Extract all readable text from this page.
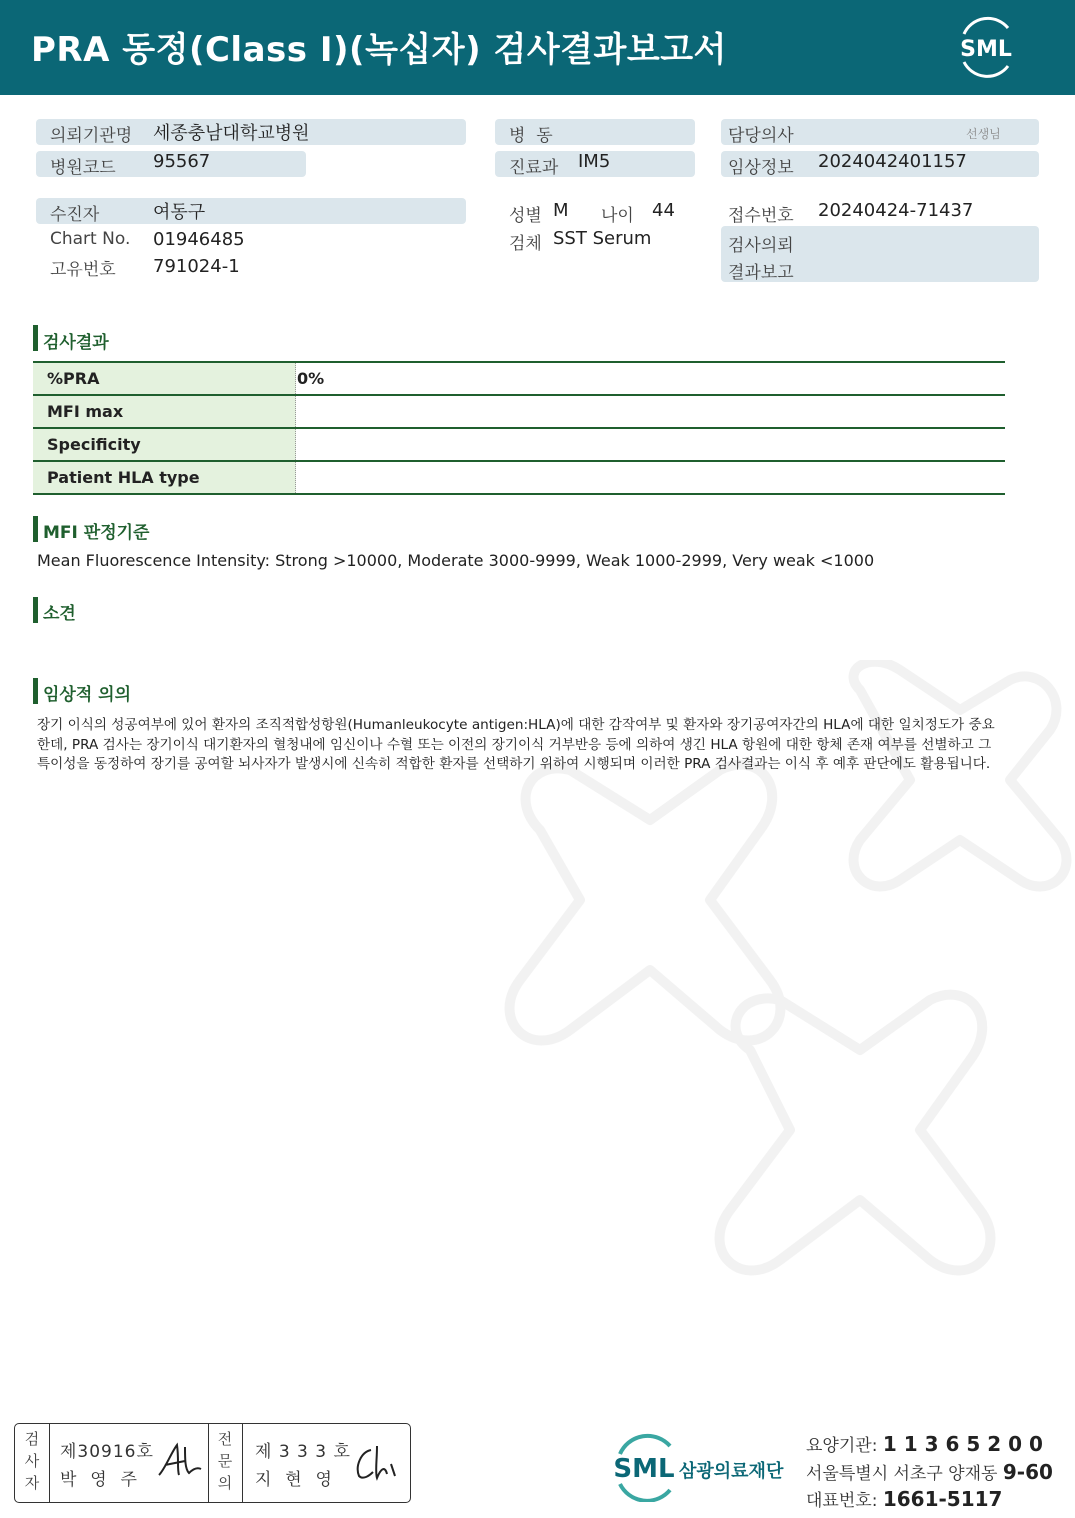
PRA 동정(Class I)(녹십자) 검사결과보고서	SML
의뢰기관명 세종충남대학교병원
병원코드 95567
병  동
진료과 IM5
담당의사	선생님
임상정보 2024042401157
수진자	여동구
Chart No. 01946485
고유번호 791024-1
성별 M 나이 44
검체 SST Serum
접수번호 20240424-71437
검사의뢰
결과보고
검사결과
%PRA	0%
MFI max
Specificity
Patient HLA type
MFI 판정기준
Mean Fluorescence Intensity: Strong >10000, Moderate 3000-9999, Weak 1000-2999, Very weak <1000
소견
임상적 의의
장기 이식의 성공여부에 있어 환자의 조직적합성항원(Humanleukocyte antigen:HLA)에 대한 감작여부 및 환자와 장기공여자간의 HLA에 대한 일치정도가 중요한데, PRA 검사는 장기이식 대기환자의 혈청내에 임신이나 수혈 또는 이전의 장기이식 거부반응 등에 의하여 생긴 HLA 항원에 대한 항체 존재 여부를 선별하고 그 특이성을 동정하여 장기를 공여할 뇌사자가 발생시에 신속히 적합한 환자를 선택하기 위하여 시행되며 이러한 PRA 검사결과는 이식 후 예후 판단에도 활용됩니다.
검
사
자
제30916호
박  영  주
전
문
의
제 3 3 3 호
지  현  영	SML 삼광의료재단
요양기관: 1 1 3 6 5 2 0 0
서울특별시 서초구 양재동 9-60
대표번호: 1661-5117
